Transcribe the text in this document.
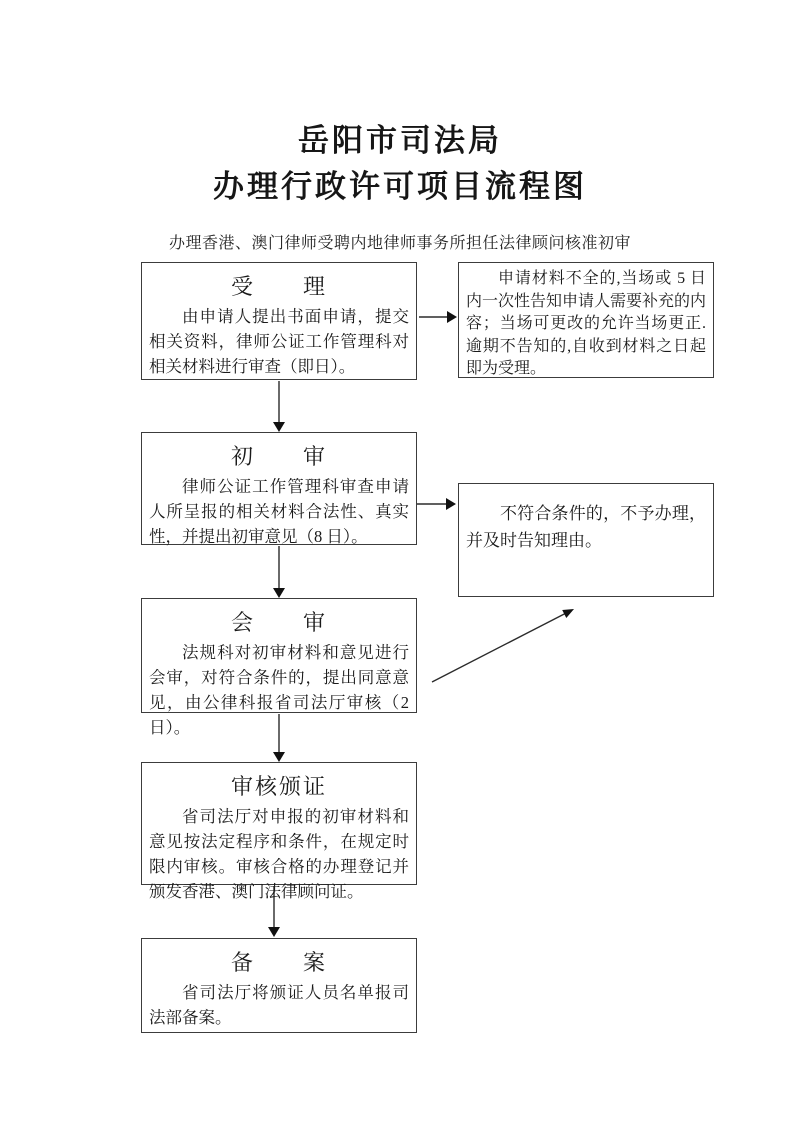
岳阳市司法局
办理行政许可项目流程图
办理香港、澳门律师受聘内地律师事务所担任法律顾问核准初审
受　　理
由申请人提出书面申请，提交相关资料，律师公证工作管理科对相关材料进行审查（即日）。
初　　审
律师公证工作管理科审查申请人所呈报的相关材料合法性、真实性，并提出初审意见（8 日）。
会　　审
法规科对初审材料和意见进行会审，对符合条件的，提出同意意见，由公律科报省司法厅审核（2 日）。
审核颁证
省司法厅对申报的初审材料和意见按法定程序和条件，在规定时限内审核。审核合格的办理登记并颁发香港、澳门法律顾问证。
备　　案
省司法厅将颁证人员名单报司法部备案。
申请材料不全的,当场或 5 日内一次性告知申请人需要补充的内容；当场可更改的允许当场更正.逾期不告知的,自收到材料之日起即为受理。
不符合条件的，不予办理，并及时告知理由。
